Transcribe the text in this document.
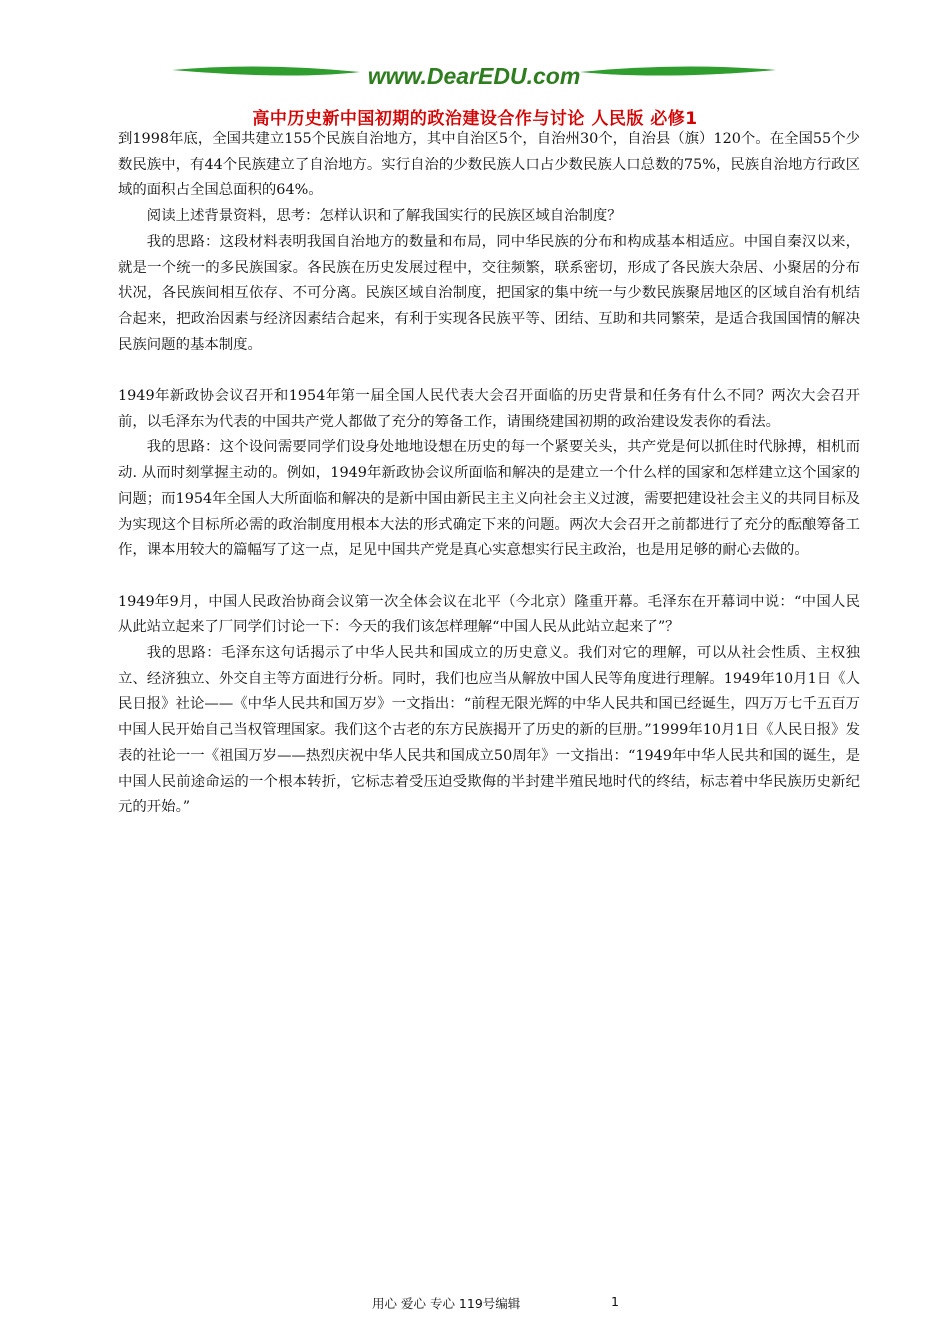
www.DearEDU.com
高中历史新中国初期的政治建设合作与讨论 人民版 必修1

到1998年底，全国共建立155个民族自治地方，其中自治区5个，自治州30个，自治县（旗）120个。在全国55个少数民族中，有44个民族建立了自治地方。实行自治的少数民族人口占少数民族人口总数的75%，民族自治地方行政区域的面积占全国总面积的64%。

阅读上述背景资料，思考：怎样认识和了解我国实行的民族区域自治制度？

我的思路：这段材料表明我国自治地方的数量和布局，同中华民族的分布和构成基本相适应。中国自秦汉以来，就是一个统一的多民族国家。各民族在历史发展过程中，交往频繁，联系密切，形成了各民族大杂居、小聚居的分布状况，各民族间相互依存、不可分离。民族区域自治制度，把国家的集中统一与少数民族聚居地区的区域自治有机结合起来，把政治因素与经济因素结合起来，有利于实现各民族平等、团结、互助和共同繁荣，是适合我国国情的解决民族问题的基本制度。

1949年新政协会议召开和1954年第一届全国人民代表大会召开面临的历史背景和任务有什么不同？两次大会召开前，以毛泽东为代表的中国共产党人都做了充分的筹备工作，请围绕建国初期的政治建设发表你的看法。

我的思路：这个设问需要同学们设身处地地设想在历史的每一个紧要关头，共产党是何以抓住时代脉搏，相机而动. 从而时刻掌握主动的。例如，1949年新政协会议所面临和解决的是建立一个什么样的国家和怎样建立这个国家的问题；而1954年全国人大所面临和解决的是新中国由新民主主义向社会主义过渡，需要把建设社会主义的共同目标及为实现这个目标所必需的政治制度用根本大法的形式确定下来的问题。两次大会召开之前都进行了充分的酝酿筹备工作，课本用较大的篇幅写了这一点，足见中国共产党是真心实意想实行民主政治，也是用足够的耐心去做的。

1949年9月，中国人民政治协商会议第一次全体会议在北平（今北京）隆重开幕。毛泽东在开幕词中说：“中国人民从此站立起来了厂同学们讨论一下：今天的我们该怎样理解“中国人民从此站立起来了”？

我的思路：毛泽东这句话揭示了中华人民共和国成立的历史意义。我们对它的理解，可以从社会性质、主权独立、经济独立、外交自主等方面进行分析。同时，我们也应当从解放中国人民等角度进行理解。1949年10月1日《人民日报》社论——《中华人民共和国万岁》一文指出：“前程无限光辉的中华人民共和国已经诞生，四万万七千五百万中国人民开始自己当权管理国家。我们这个古老的东方民族揭开了历史的新的巨册。”1999年10月1日《人民日报》发表的社论一一《祖国万岁——热烈庆祝中华人民共和国成立50周年》一文指出：“1949年中华人民共和国的诞生，是中国人民前途命运的一个根本转折，它标志着受压迫受欺侮的半封建半殖民地时代的终结，标志着中华民族历史新纪元的开始。”

用心 爱心 专心 119号编辑	1
